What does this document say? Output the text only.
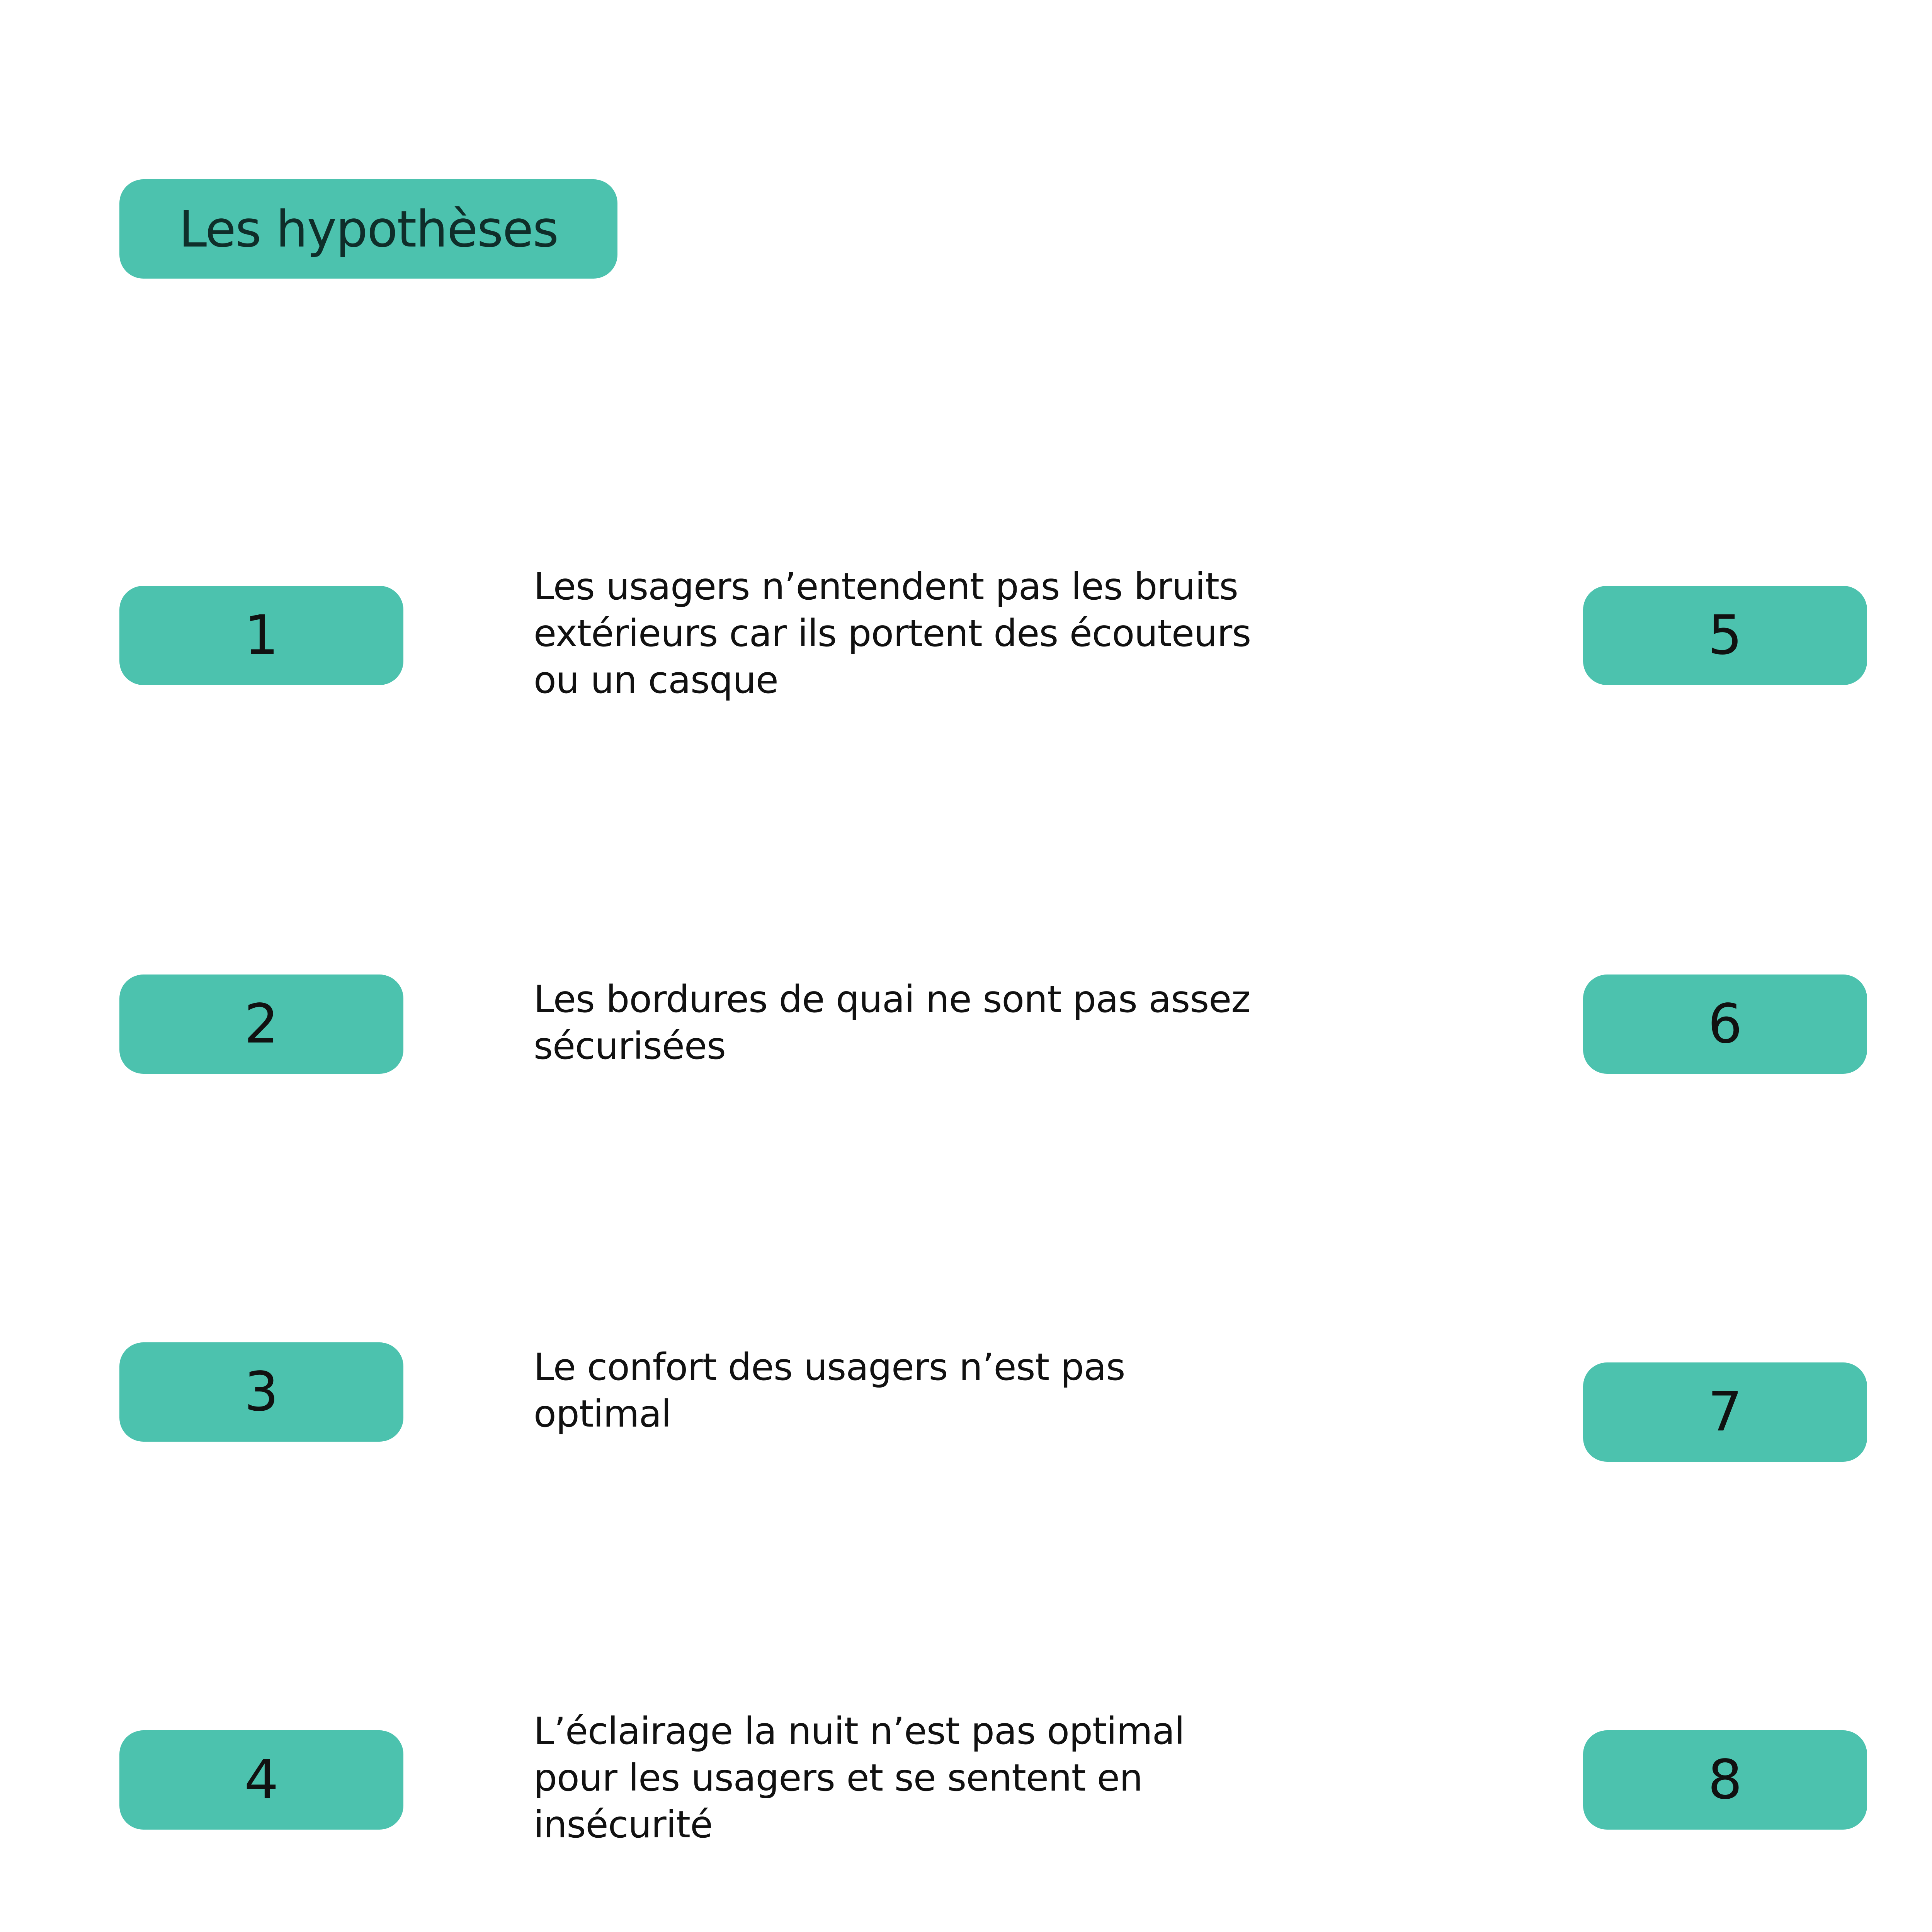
Les hypothèses
1
Les usagers n’entendent pas les bruits
extérieurs car ils portent des écouteurs
ou un casque
2	Les bordures de quai ne sont pas assez
sécurisées
3	Le confort des usagers n’est pas
optimal
4
L’éclairage la nuit n’est pas optimal
pour les usagers et se sentent en
insécurité
5
6
7
8
